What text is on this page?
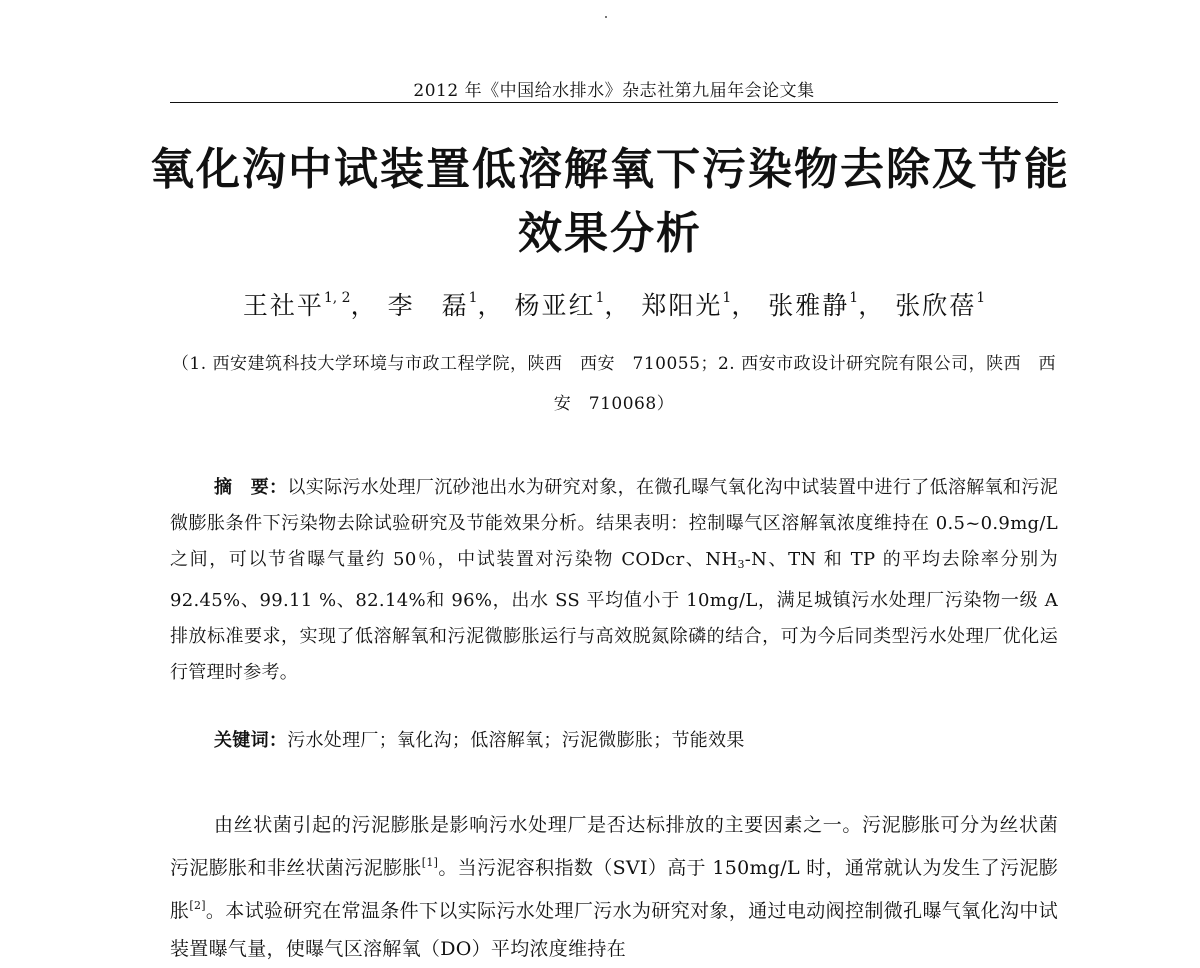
2012 年《中国给水排水》杂志社第九届年会论文集
氧化沟中试装置低溶解氧下污染物去除及节能效果分析
王社平$^{1, 2}$， 李　磊$^1$， 杨亚红$^1$， 郑阳光$^1$， 张雅静$^1$， 张欣蓓$^1$
（1. 西安建筑科技大学环境与市政工程学院，陕西　西安　710055；2. 西安市政设计研究院有限公司，陕西　西安　710068）

摘　要：以实际污水处理厂沉砂池出水为研究对象，在微孔曝气氧化沟中试装置中进行了低溶解氧和污泥微膨胀条件下污染物去除试验研究及节能效果分析。结果表明：控制曝气区溶解氧浓度维持在 0.5~0.9mg/L 之间，可以节省曝气量约 50％，中试装置对污染物 CODcr、$NH_3-N$、TN 和 TP 的平均去除率分别为 92.45%、99.11 %、82.14%和 96%，出水 SS 平均值小于 10mg/L，满足城镇污水处理厂污染物一级 A 排放标准要求，实现了低溶解氧和污泥微膨胀运行与高效脱氮除磷的结合，可为今后同类型污水处理厂优化运行管理时参考。

关键词：污水处理厂；氧化沟；低溶解氧；污泥微膨胀；节能效果

由丝状菌引起的污泥膨胀是影响污水处理厂是否达标排放的主要因素之一。污泥膨胀可分为丝状菌污泥膨胀和非丝状菌污泥膨胀[1]。当污泥容积指数（SVI）高于 150mg/L 时，通常就认为发生了污泥膨胀[2]。本试验研究在常温条件下以实际污水处理厂污水为研究对象，通过电动阀控制微孔曝气氧化沟中试装置曝气量，使曝气区溶解氧（DO）平均浓度维持在
